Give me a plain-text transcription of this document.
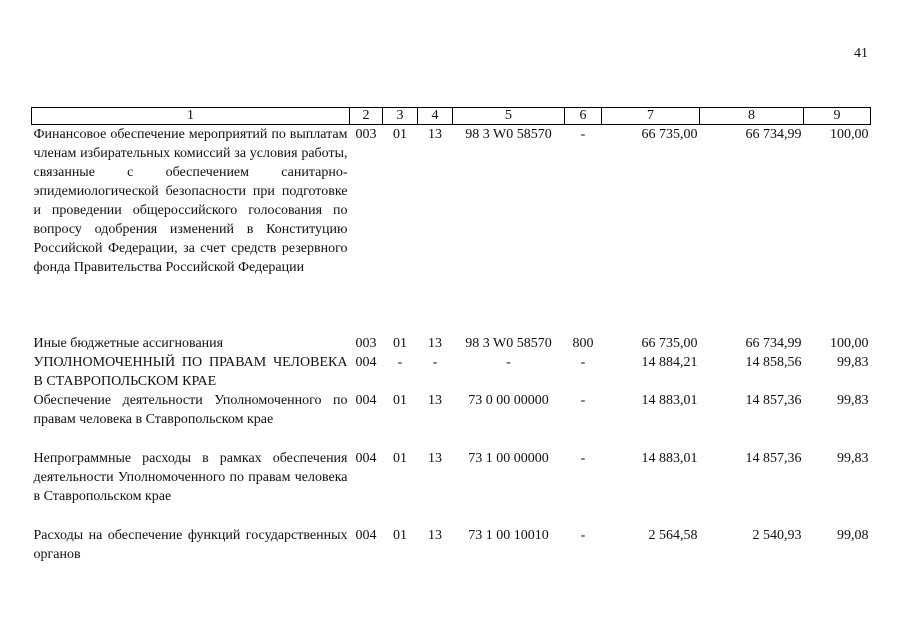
41
1	2	3	4	5	6	7	8	9
Финансовое обеспечение мероприятий по выплатам членам избирательных комиссий за условия работы, связанные с обеспечением санитарно-эпидемиологической безопасности при подготовке и проведении общероссийского голосования по вопросу одобрения изменений в Конституцию Российской Федерации, за счет средств резервного фонда Правительства Российской Федерации	003	01	13	98 3 W0 58570	-	66 735,00	66 734,99	100,00
Иные бюджетные ассигнования	003	01	13	98 3 W0 58570	800	66 735,00	66 734,99	100,00
УПОЛНОМОЧЕННЫЙ ПО ПРАВАМ ЧЕЛОВЕКА В СТАВРОПОЛЬСКОМ КРАЕ	004	-	-	-	-	14 884,21	14 858,56	99,83
Обеспечение деятельности Уполномоченного по правам человека в Ставропольском крае	004	01	13	73 0 00 00000	-	14 883,01	14 857,36	99,83
Непрограммные расходы в рамках обеспечения деятельности Уполномоченного по правам человека в Ставропольском крае	004	01	13	73 1 00 00000	-	14 883,01	14 857,36	99,83
Расходы на обеспечение функций государственных органов	004	01	13	73 1 00 10010	-	2 564,58	2 540,93	99,08
